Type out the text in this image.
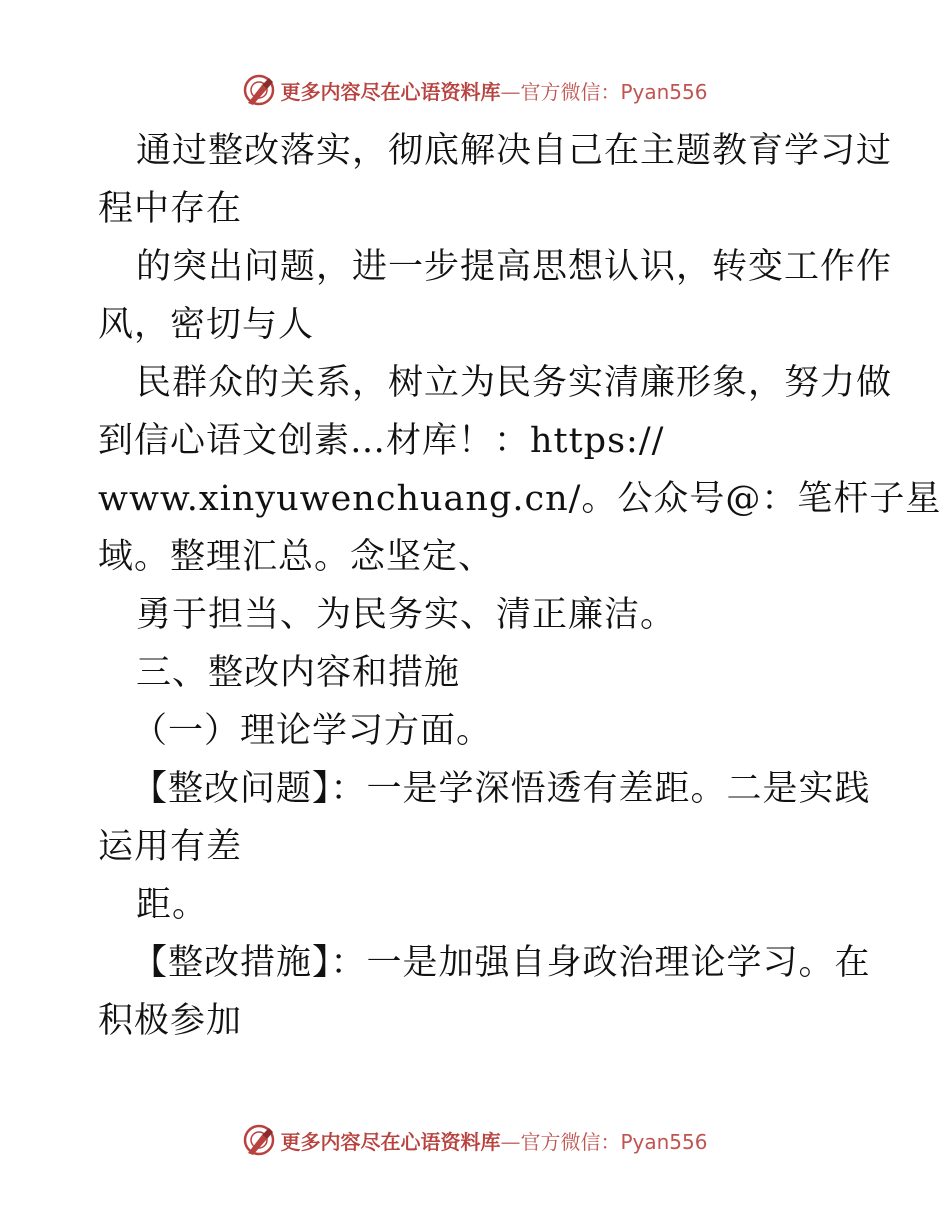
更多内容尽在心语资料库—官方微信：Pyan556
通过整改落实，彻底解决自己在主题教育学习过
程中存在
的突出问题，进一步提高思想认识，转变工作作
风，密切与人
民群众的关系，树立为民务实清廉形象，努力做
到信心语文创素…材库！：https://
www.xinyuwenchuang.cn/。公众号@：笔杆子星
域。整理汇总。念坚定、
勇于担当、为民务实、清正廉洁。
三、整改内容和措施
（一）理论学习方面。
【整改问题】：一是学深悟透有差距。二是实践
运用有差
距。
【整改措施】：一是加强自身政治理论学习。在
积极参加
更多内容尽在心语资料库—官方微信：Pyan556
